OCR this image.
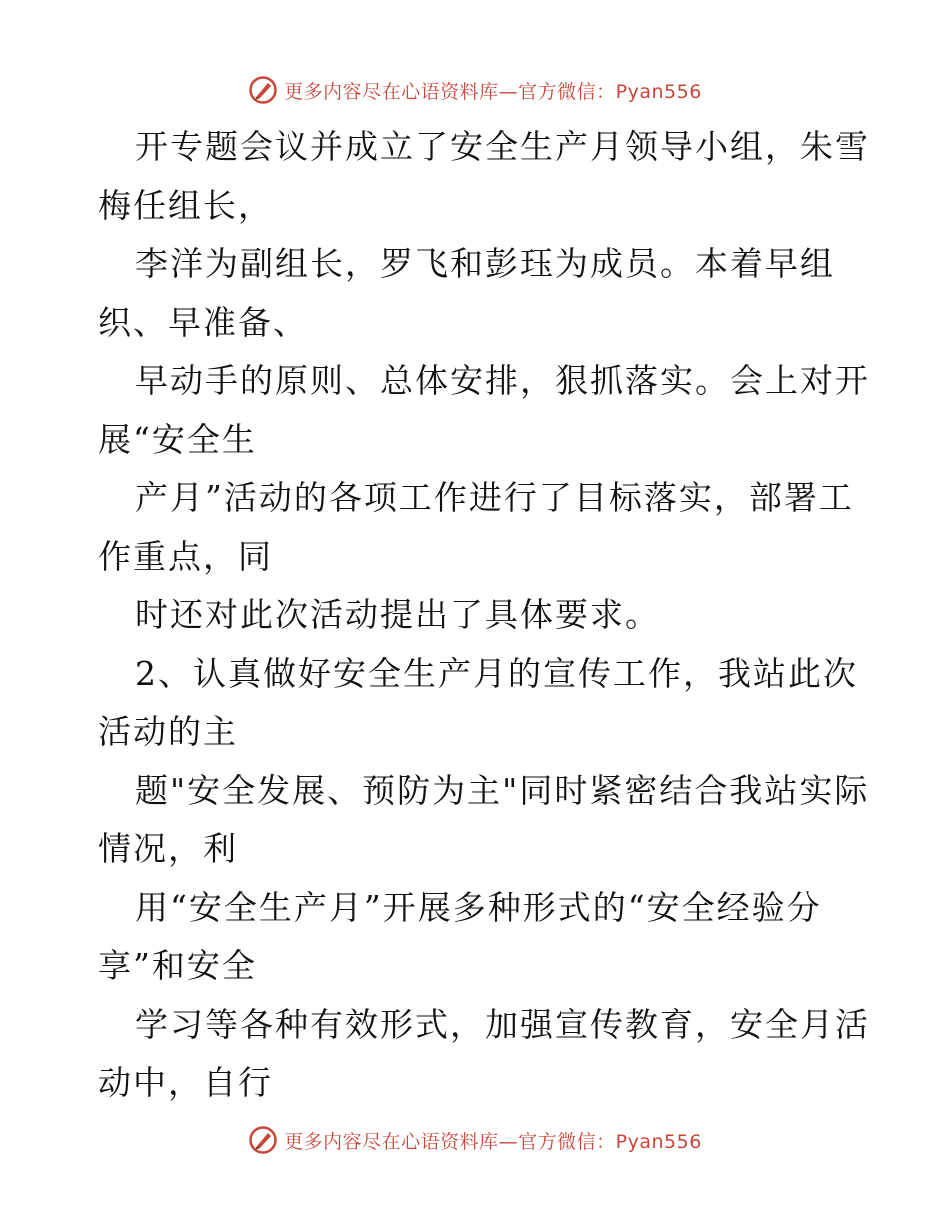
更多内容尽在心语资料库—官方微信：Pyan556
开专题会议并成立了安全生产月领导小组，朱雪
梅任组长，
李洋为副组长，罗飞和彭珏为成员。本着早组
织、早准备、
早动手的原则、总体安排，狠抓落实。会上对开
展“安全生
产月”活动的各项工作进行了目标落实，部署工
作重点，同
时还对此次活动提出了具体要求。
2、认真做好安全生产月的宣传工作，我站此次
活动的主
题"安全发展、预防为主"同时紧密结合我站实际
情况，利
用“安全生产月”开展多种形式的“安全经验分
享”和安全
学习等各种有效形式，加强宣传教育，安全月活
动中，自行
更多内容尽在心语资料库—官方微信：Pyan556
